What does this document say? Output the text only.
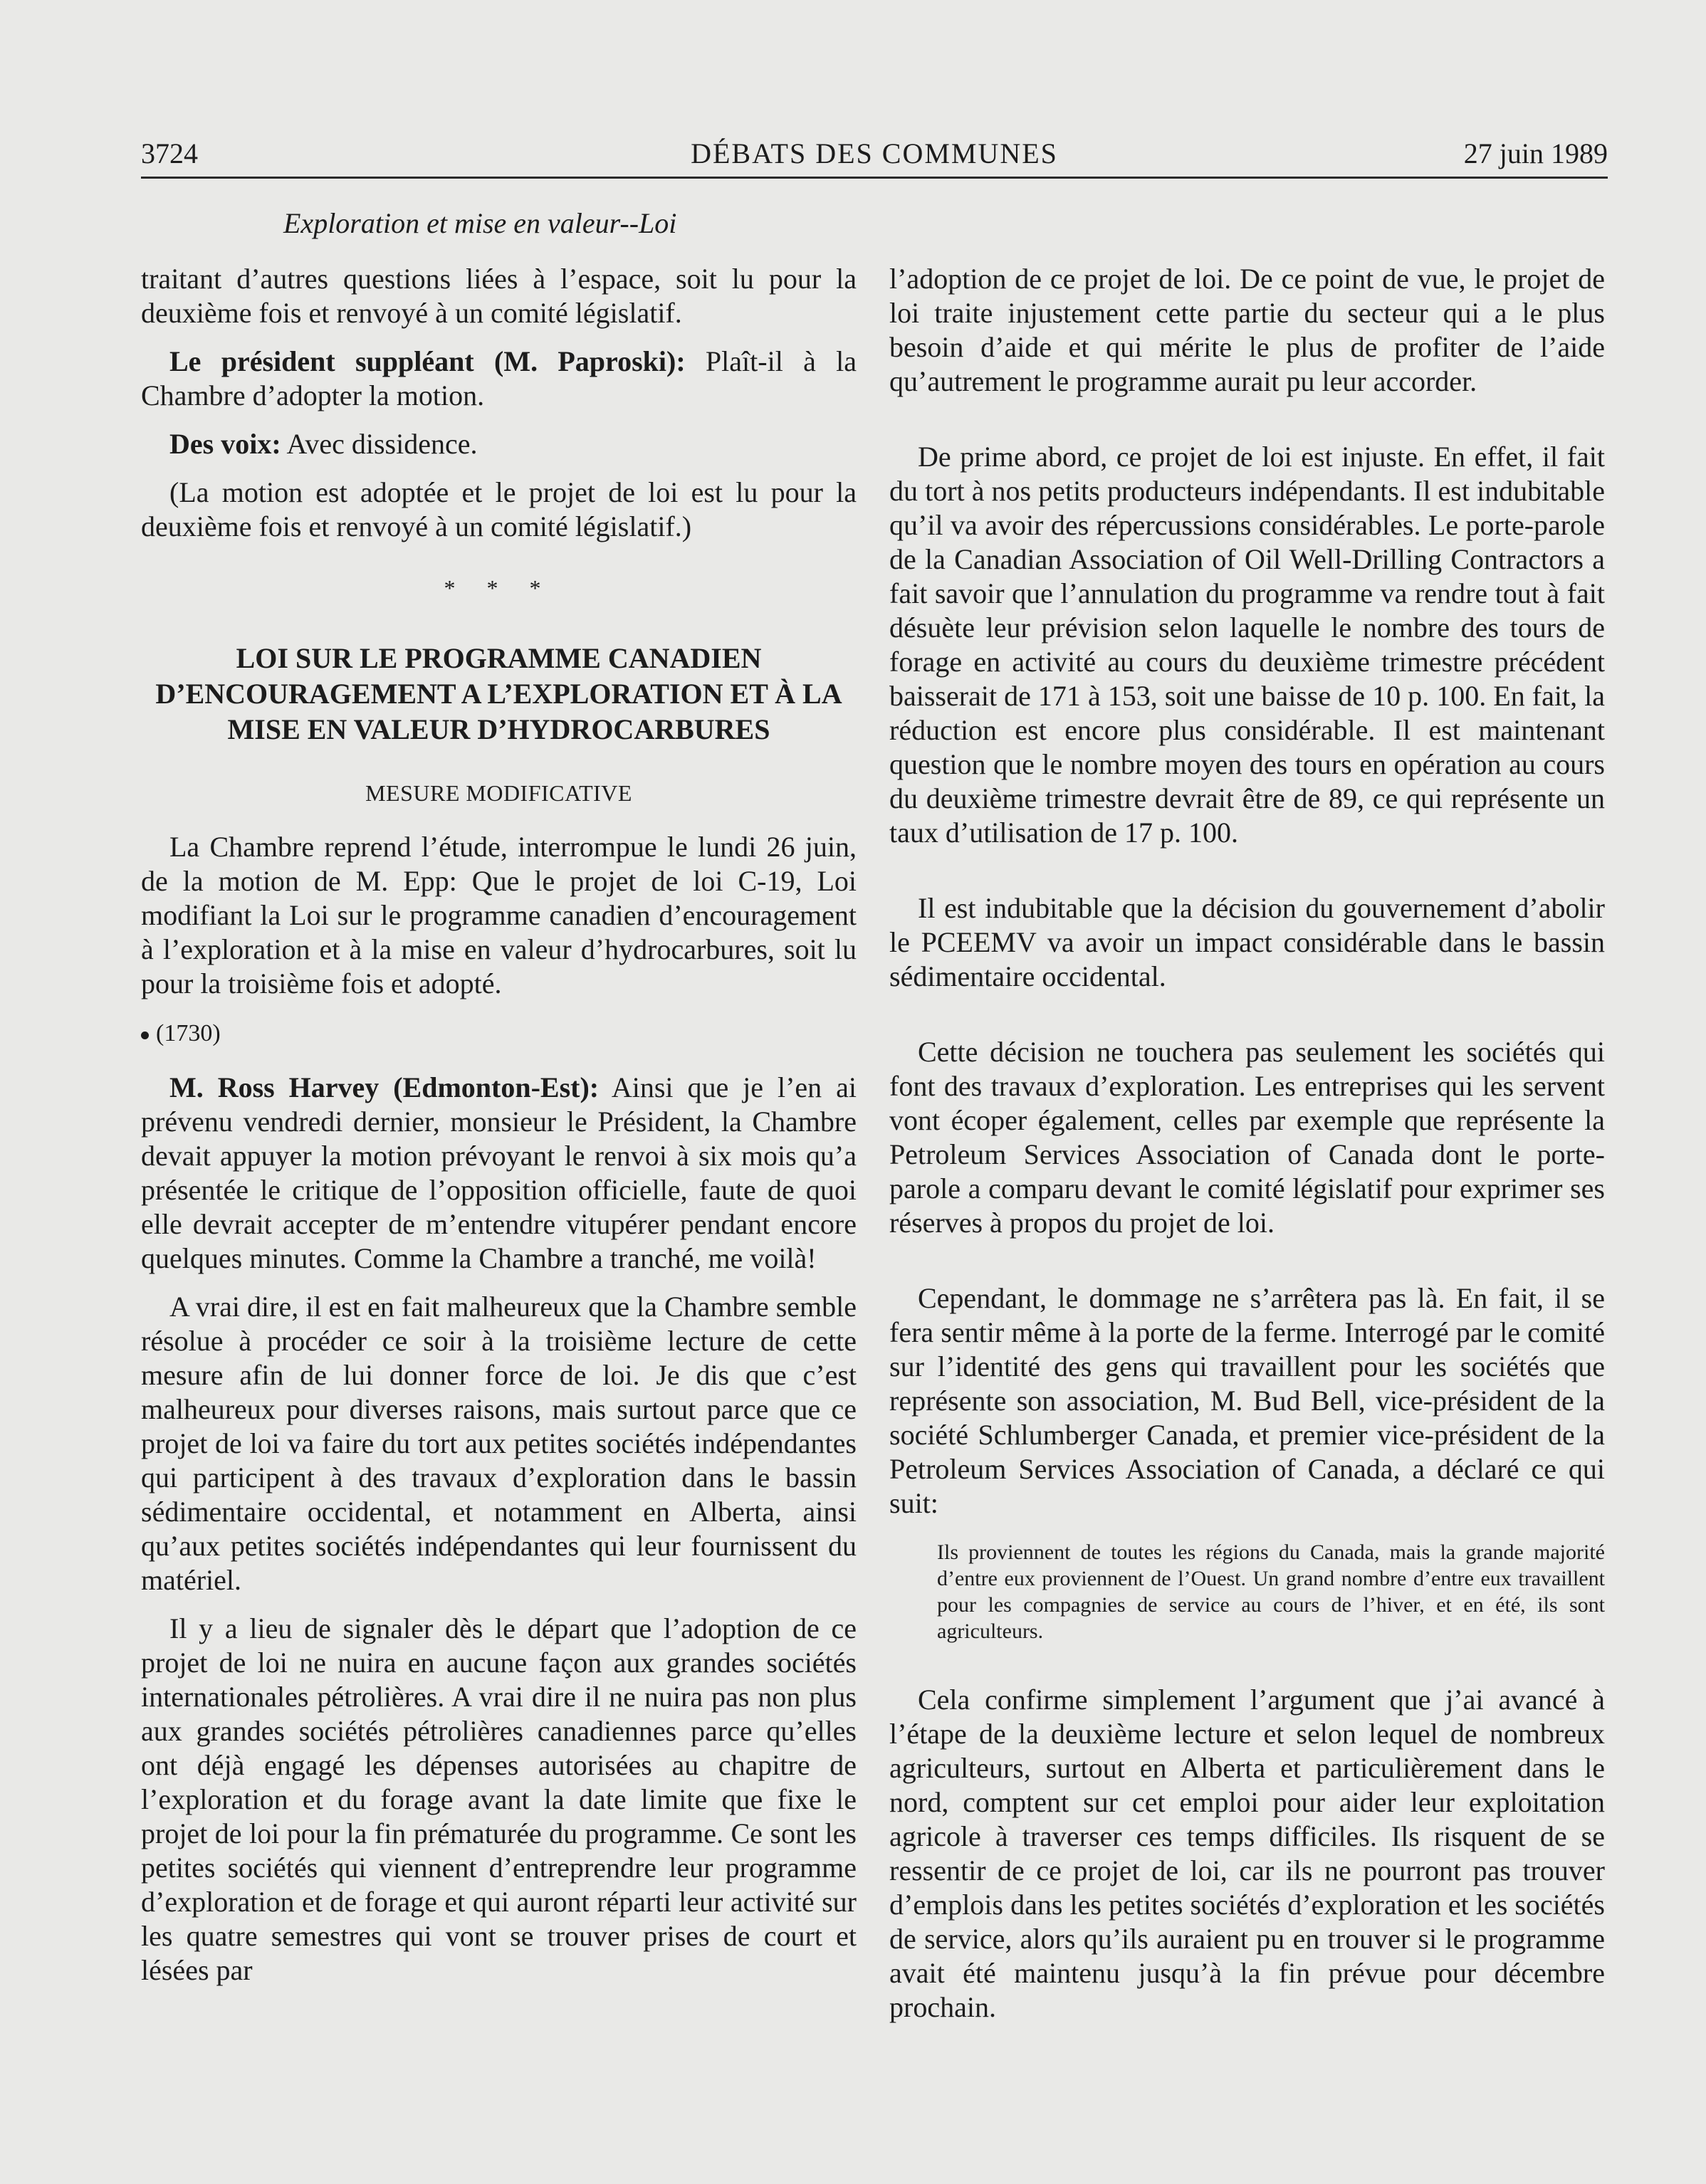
3724	DÉBATS DES COMMUNES	27 juin 1989
Exploration et mise en valeur--Loi

traitant d’autres questions liées à l’espace, soit lu pour la deuxième fois et renvoyé à un comité législatif.

Le président suppléant (M. Paproski): Plaît-il à la Chambre d’adopter la motion.

Des voix: Avec dissidence.

(La motion est adoptée et le projet de loi est lu pour la deuxième fois et renvoyé à un comité législatif.)

* * *

LOI SUR LE PROGRAMME CANADIEN

D’ENCOURAGEMENT A L’EXPLORATION ET À LA

MISE EN VALEUR D’HYDROCARBURES

MESURE MODIFICATIVE

La Chambre reprend l’étude, interrompue le lundi 26 juin, de la motion de M. Epp: Que le projet de loi C-19, Loi modifiant la Loi sur le programme canadien d’encouragement à l’exploration et à la mise en valeur d’hydrocarbures, soit lu pour la troisième fois et adopté.

(1730)

M. Ross Harvey (Edmonton-Est): Ainsi que je l’en ai prévenu vendredi dernier, monsieur le Président, la Chambre devait appuyer la motion prévoyant le renvoi à six mois qu’a présentée le critique de l’opposition officielle, faute de quoi elle devrait accepter de m’entendre vitupérer pendant encore quelques minutes. Comme la Chambre a tranché, me voilà!

A vrai dire, il est en fait malheureux que la Chambre semble résolue à procéder ce soir à la troisième lecture de cette mesure afin de lui donner force de loi. Je dis que c’est malheureux pour diverses raisons, mais surtout parce que ce projet de loi va faire du tort aux petites sociétés indépendantes qui participent à des travaux d’exploration dans le bassin sédimentaire occidental, et notamment en Alberta, ainsi qu’aux petites sociétés indépendantes qui leur fournissent du matériel.

Il y a lieu de signaler dès le départ que l’adoption de ce projet de loi ne nuira en aucune façon aux grandes sociétés internationales pétrolières. A vrai dire il ne nuira pas non plus aux grandes sociétés pétrolières canadiennes parce qu’elles ont déjà engagé les dépenses autorisées au chapitre de l’exploration et du forage avant la date limite que fixe le projet de loi pour la fin prématurée du programme. Ce sont les petites sociétés qui viennent d’entreprendre leur programme d’exploration et de forage et qui auront réparti leur activité sur les quatre semestres qui vont se trouver prises de court et lésées par

l’adoption de ce projet de loi. De ce point de vue, le projet de loi traite injustement cette partie du secteur qui a le plus besoin d’aide et qui mérite le plus de profiter de l’aide qu’autrement le programme aurait pu leur accorder.

De prime abord, ce projet de loi est injuste. En effet, il fait du tort à nos petits producteurs indépendants. Il est indubitable qu’il va avoir des répercussions considérables. Le porte-parole de la Canadian Association of Oil Well-Drilling Contractors a fait savoir que l’annulation du programme va rendre tout à fait désuète leur prévision selon laquelle le nombre des tours de forage en activité au cours du deuxième trimestre précédent baisserait de 171 à 153, soit une baisse de 10 p. 100. En fait, la réduction est encore plus considérable. Il est maintenant question que le nombre moyen des tours en opération au cours du deuxième trimestre devrait être de 89, ce qui représente un taux d’utilisation de 17 p. 100.

Il est indubitable que la décision du gouvernement d’abolir le PCEEMV va avoir un impact considérable dans le bassin sédimentaire occidental.

Cette décision ne touchera pas seulement les sociétés qui font des travaux d’exploration. Les entreprises qui les servent vont écoper également, celles par exemple que représente la Petroleum Services Association of Canada dont le porte-parole a comparu devant le comité législatif pour exprimer ses réserves à propos du projet de loi.

Cependant, le dommage ne s’arrêtera pas là. En fait, il se fera sentir même à la porte de la ferme. Interrogé par le comité sur l’identité des gens qui travaillent pour les sociétés que représente son association, M. Bud Bell, vice-président de la société Schlumberger Canada, et premier vice-président de la Petroleum Services Association of Canada, a déclaré ce qui suit:

Ils proviennent de toutes les régions du Canada, mais la grande majorité d’entre eux proviennent de l’Ouest. Un grand nombre d’entre eux travaillent pour les compagnies de service au cours de l’hiver, et en été, ils sont agriculteurs.

Cela confirme simplement l’argument que j’ai avancé à l’étape de la deuxième lecture et selon lequel de nombreux agriculteurs, surtout en Alberta et particulièrement dans le nord, comptent sur cet emploi pour aider leur exploitation agricole à traverser ces temps difficiles. Ils risquent de se ressentir de ce projet de loi, car ils ne pourront pas trouver d’emplois dans les petites sociétés d’exploration et les sociétés de service, alors qu’ils auraient pu en trouver si le programme avait été maintenu jusqu’à la fin prévue pour décembre prochain.
